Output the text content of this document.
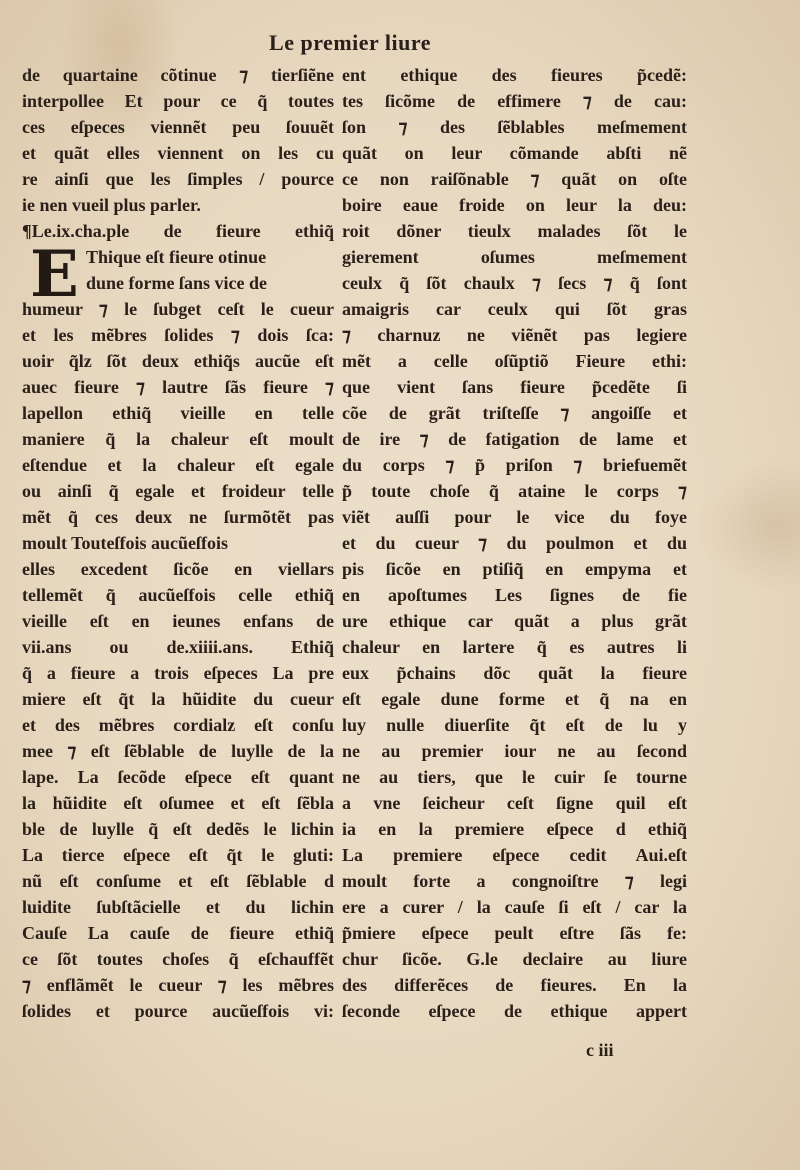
Le premier liure
E
de quartaine cõtinue ⁊ tierſiẽne
interpollee Et pour ce q̃ toutes
ces eſpeces viennẽt peu ſouuẽt
et quãt elles viennent on les cu
re ainſi que les ſimples / pource
ie nen vueil plus parler.
¶Le.ix.cha.ple de fieure ethiq̃
Thique eſt fieure otinue
dune forme ſans vice de
humeur ⁊ le ſubget ceſt le cueur
et les mẽbres ſolides ⁊ dois ſca:
uoir q̃lz ſõt deux ethiq̃s aucũe eſt
auec fieure ⁊ lautre ſãs fieure ⁊
lapellon ethiq̃ vieille en telle
maniere q̃ la chaleur eſt moult
eſtendue et la chaleur eſt egale
ou ainſi q̃ egale et froideur telle
mẽt q̃ ces deux ne ſurmõtẽt pas
moult Touteſfois aucũeſfois
elles excedent ſicõe en viellars
tellemẽt q̃ aucũeſfois celle ethiq̃
vieille eſt en ieunes enfans de
vii.ans ou de.xiiii.ans. Ethiq̃
q̃ a fieure a trois eſpeces La pre
miere eſt q̃t la hũidite du cueur
et des mẽbres cordialz eſt conſu
mee ⁊ eſt ſẽblable de luylle de la
lape. La ſecõde eſpece eſt quant
la hũidite eſt oſumee et eſt ſẽbla
ble de luylle q̃ eſt dedẽs le lichin
La tierce eſpece eſt q̃t le gluti:
nũ eſt conſume et eſt ſẽblable d
luidite ſubſtãcielle et du lichin
Cauſe La cauſe de fieure ethiq̃
ce ſõt toutes choſes q̃ eſchauffẽt
⁊ enflãmẽt le cueur ⁊ les mẽbres
ſolides et pource aucũeſfois vi:
ent ethique des fieures p̃cedẽ:
tes ſicõme de effimere ⁊ de cau:
ſon ⁊ des ſẽblables meſmement
quãt on leur cõmande abſti nẽ
ce non raiſõnable ⁊ quãt on oſte
boire eaue froide on leur la deu:
roit dõner tieulx malades ſõt le
gierement oſumes meſmement
ceulx q̃ ſõt chaulx ⁊ ſecs ⁊ q̃ ſont
amaigris car ceulx qui ſõt gras
⁊ charnuz ne viẽnẽt pas legiere
mẽt a celle oſũptiõ Fieure ethi:
que vient ſans fieure p̃cedẽte ſi
cõe de grãt triſteſſe ⁊ angoiſſe et
de ire ⁊ de fatigation de lame et
du corps ⁊ p̃ priſon ⁊ briefuemẽt
p̃ toute choſe q̃ ataine le corps ⁊
viẽt auſſi pour le vice du foye
et du cueur ⁊ du poulmon et du
pis ſicõe en ptiſiq̃ en empyma et
en apoſtumes Les ſignes de fie
ure ethique car quãt a plus grãt
chaleur en lartere q̃ es autres li
eux p̃chains dõc quãt la fieure
eſt egale dune forme et q̃ na en
luy nulle diuerſite q̃t eſt de lu y
ne au premier iour ne au ſecond
ne au tiers, que le cuir ſe tourne
a vne ſeicheur ceſt ſigne quil eſt
ia en la premiere eſpece d ethiq̃
La premiere eſpece cedit Aui.eſt
moult forte a congnoiſtre ⁊ legi
ere a curer / la cauſe ſi eſt / car la
p̃miere eſpece peult eſtre ſãs fe:
chur ſicõe. G.le declaire au liure
des differẽces de fieures. En la
ſeconde eſpece de ethique appert
c iii
